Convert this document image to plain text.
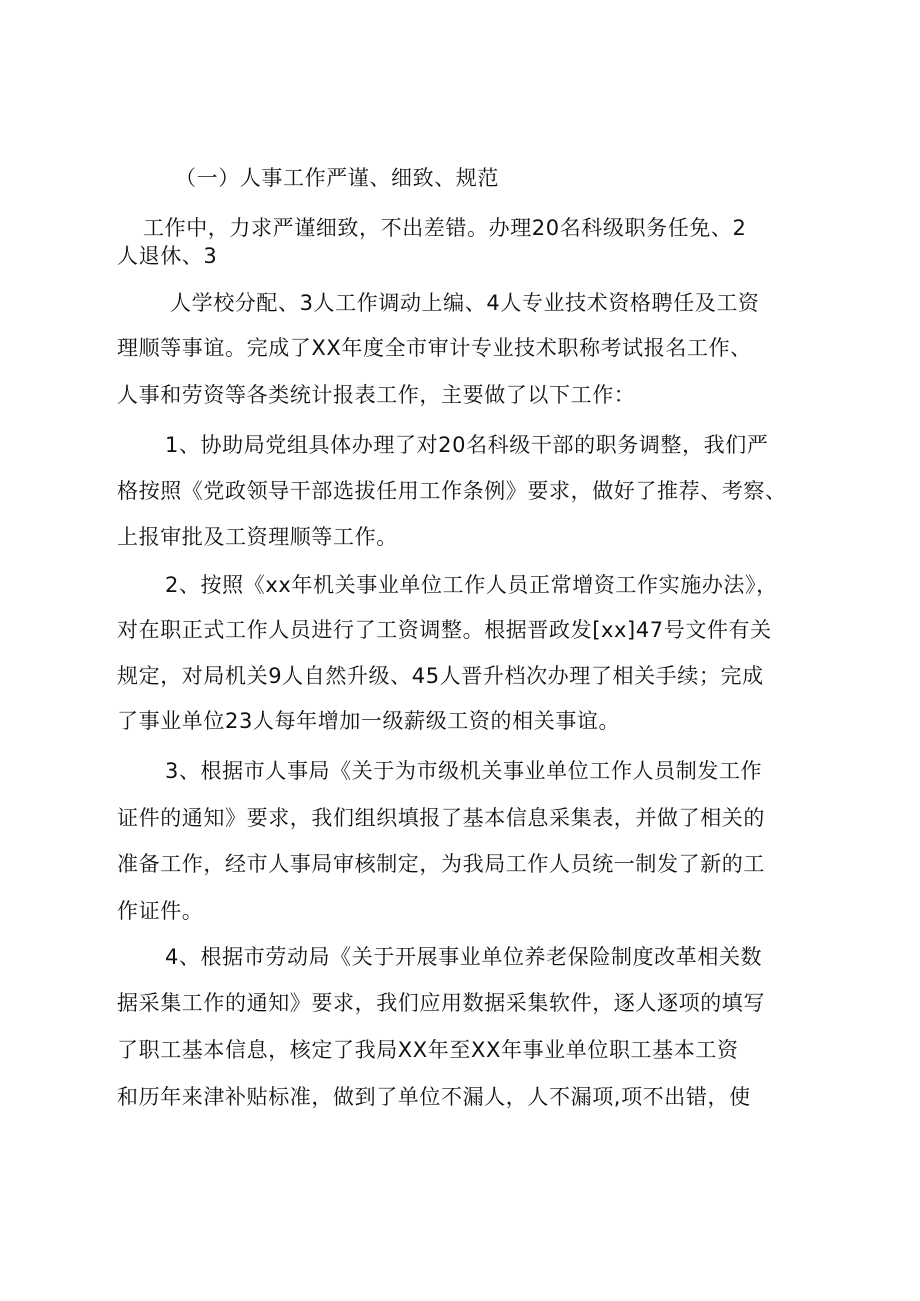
（一）人事工作严谨、细致、规范
工作中，力求严谨细致，不出差错。办理20名科级职务任免、2
人退休、3
人学校分配、3人工作调动上编、4人专业技术资格聘任及工资
理顺等事谊。完成了XX年度全市审计专业技术职称考试报名工作、
人事和劳资等各类统计报表工作，主要做了以下工作：
1、协助局党组具体办理了对20名科级干部的职务调整，我们严
格按照《党政领导干部选拔任用工作条例》要求，做好了推荐、考察、
上报审批及工资理顺等工作。
2、按照《xx年机关事业单位工作人员正常增资工作实施办法》，
对在职正式工作人员进行了工资调整。根据晋政发[xx]47号文件有关
规定，对局机关9人自然升级、45人晋升档次办理了相关手续；完成
了事业单位23人每年增加一级薪级工资的相关事谊。
3、根据市人事局《关于为市级机关事业单位工作人员制发工作
证件的通知》要求，我们组织填报了基本信息采集表，并做了相关的
准备工作，经市人事局审核制定，为我局工作人员统一制发了新的工
作证件。
4、根据市劳动局《关于开展事业单位养老保险制度改革相关数
据采集工作的通知》要求，我们应用数据采集软件，逐人逐项的填写
了职工基本信息，核定了我局XX年至XX年事业单位职工基本工资
和历年来津补贴标准，做到了单位不漏人，人不漏项,项不出错，使
